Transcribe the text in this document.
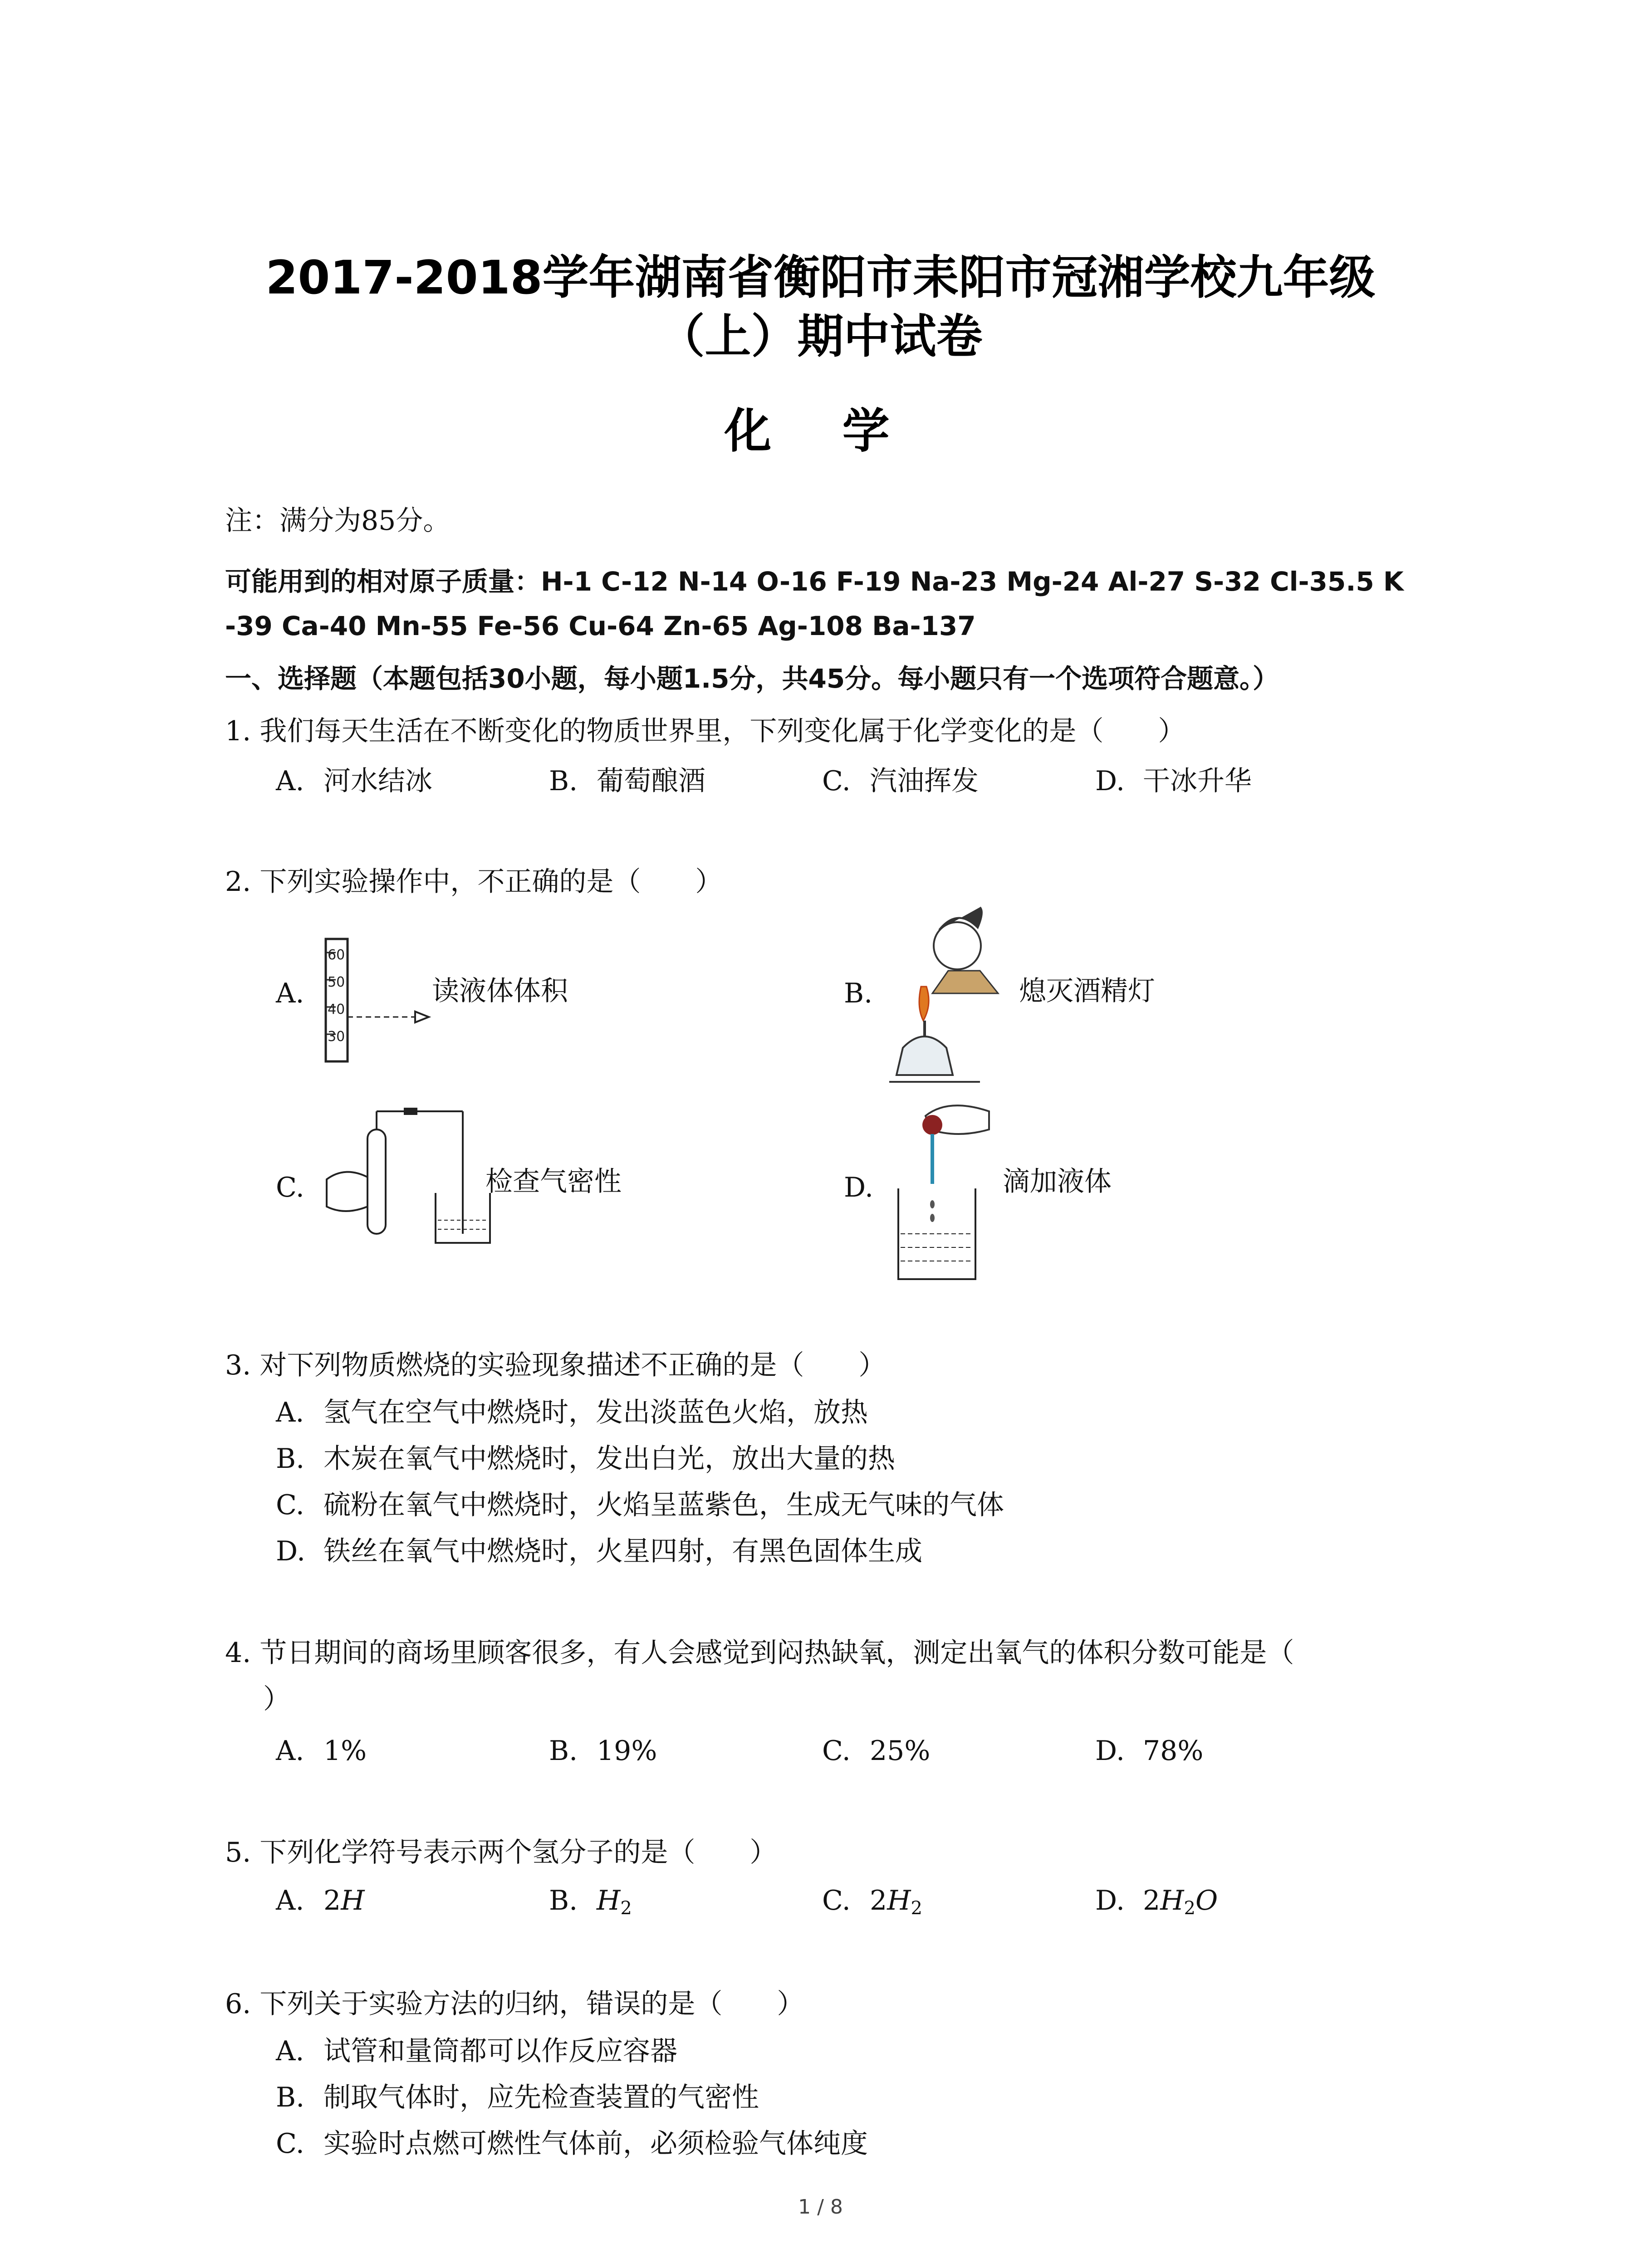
2017-2018学年湖南省衡阳市耒阳市冠湘学校九年级
（上）期中试卷
化 学
注：满分为85分。
可能用到的相对原子质量：H-1 C-12 N-14 O-16 F-19 Na-23 Mg-24 Al-27 S-32 Cl-35.5 K
-39 Ca-40 Mn-55 Fe-56 Cu-64 Zn-65 Ag-108 Ba-137
一、选择题（本题包括30小题，每小题1.5分，共45分。每小题只有一个选项符合题意。）
1. 我们每天生活在不断变化的物质世界里，下列变化属于化学变化的是（　　）
A. 河水结冰	B. 葡萄酿酒	C. 汽油挥发	D. 干冰升华
2. 下列实验操作中，不正确的是（　　）
A.
60
50
40
30
读液体体积	B.	熄灭酒精灯
C.	检查气密性	D.	滴加液体
3. 对下列物质燃烧的实验现象描述不正确的是（　　）
A. 氢气在空气中燃烧时，发出淡蓝色火焰，放热
B. 木炭在氧气中燃烧时，发出白光，放出大量的热
C. 硫粉在氧气中燃烧时，火焰呈蓝紫色，生成无气味的气体
D. 铁丝在氧气中燃烧时，火星四射，有黑色固体生成
4. 节日期间的商场里顾客很多，有人会感觉到闷热缺氧，测定出氧气的体积分数可能是（
）
A. 1%	B. 19%	C. 25%	D. 78%
5. 下列化学符号表示两个氢分子的是（　　）
A. 2H	B. $H_2$	C. $2H_2$	D. $2H_2O$
6. 下列关于实验方法的归纳，错误的是（　　）
A. 试管和量筒都可以作反应容器
B. 制取气体时，应先检查装置的气密性
C. 实验时点燃可燃性气体前，必须检验气体纯度
1 / 8
